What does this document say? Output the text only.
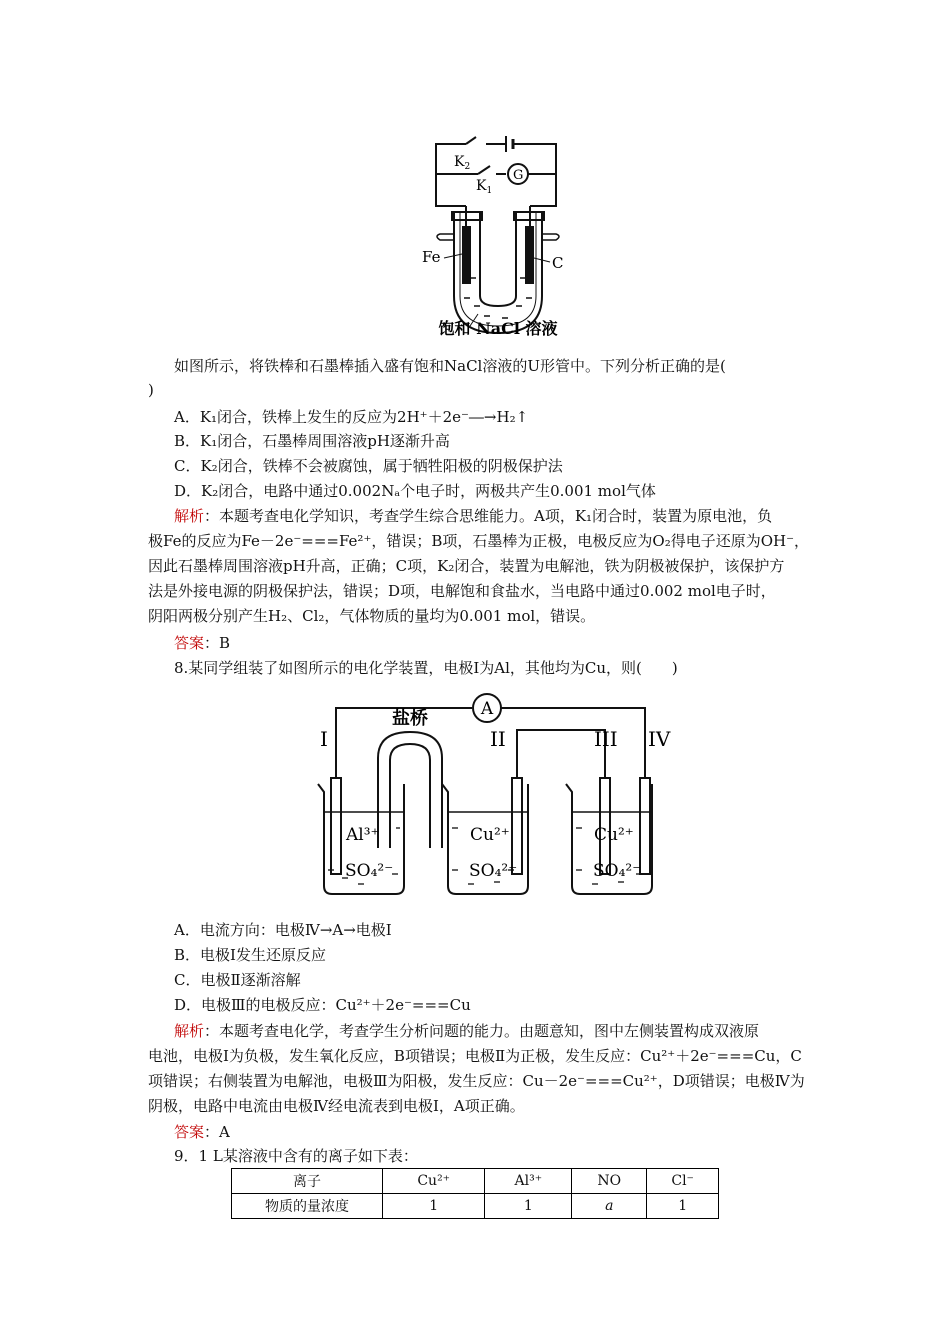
$K_2$
$K_1$
G
Fe	C
饱和 NaCl 溶液
如图所示，将铁棒和石墨棒插入盛有饱和NaCl溶液的U形管中。下列分析正确的是(
)
A．K₁闭合，铁棒上发生的反应为2H⁺＋2e⁻―→H₂↑
B．K₁闭合，石墨棒周围溶液pH逐渐升高
C．K₂闭合，铁棒不会被腐蚀，属于牺牲阳极的阴极保护法
D．K₂闭合，电路中通过0.002Nₐ个电子时，两极共产生0.001 mol气体
解析：本题考查电化学知识，考查学生综合思维能力。A项，K₁闭合时，装置为原电池，负
极Fe的反应为Fe－2e⁻===Fe²⁺，错误；B项，石墨棒为正极，电极反应为O₂得电子还原为OH⁻，
因此石墨棒周围溶液pH升高，正确；C项，K₂闭合，装置为电解池，铁为阴极被保护，该保护方
法是外接电源的阴极保护法，错误；D项，电解饱和食盐水，当电路中通过0.002 mol电子时，
阴阳两极分别产生H₂、Cl₂，气体物质的量均为0.001 mol，错误。
答案：B
8.某同学组装了如图所示的电化学装置，电极Ⅰ为Al，其他均为Cu，则(　　)
A
盐桥
I	II	III IV
Al³⁺
SO₄²⁻
Cu²⁺
SO₄²⁻
Cu²⁺
SO₄²⁻
A．电流方向：电极Ⅳ→A→电极Ⅰ
B．电极Ⅰ发生还原反应
C．电极Ⅱ逐渐溶解
D．电极Ⅲ的电极反应：Cu²⁺＋2e⁻===Cu
解析：本题考查电化学，考查学生分析问题的能力。由题意知，图中左侧装置构成双液原
电池，电极Ⅰ为负极，发生氧化反应，B项错误；电极Ⅱ为正极，发生反应：Cu²⁺＋2e⁻===Cu，C
项错误；右侧装置为电解池，电极Ⅲ为阳极，发生反应：Cu－2e⁻===Cu²⁺，D项错误；电极Ⅳ为
阴极，电路中电流由电极Ⅳ经电流表到电极Ⅰ，A项正确。
答案：A
9．1 L某溶液中含有的离子如下表：
离子	Cu²⁺	Al³⁺	NO	Cl⁻
物质的量浓度	1	1	a	1
